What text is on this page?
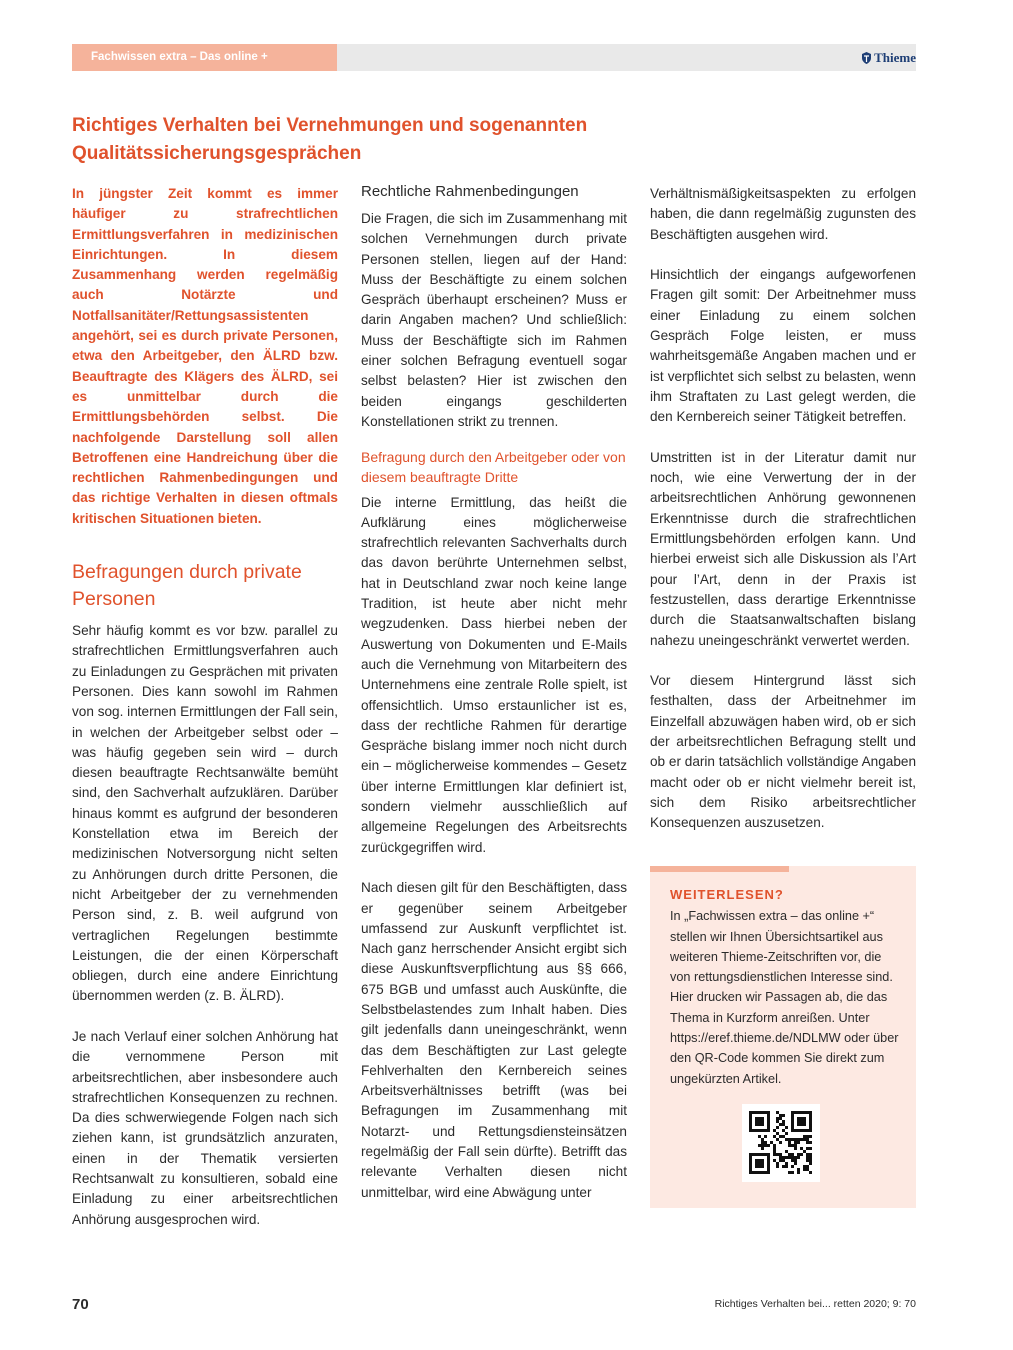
Fachwissen extra – Das online +	Thieme
Richtiges Verhalten bei Vernehmungen und sogenannten Qualitätssicherungsgesprächen

In jüngster Zeit kommt es immer häufiger zu strafrechtlichen Ermittlungsverfahren in medizinischen Einrichtungen. In diesem Zusammenhang werden regelmäßig auch Notärzte und Notfallsanitäter/Rettungsassistenten angehört, sei es durch private Personen, etwa den Arbeitgeber, den ÄLRD bzw. Beauftragte des Klägers des ÄLRD, sei es unmittelbar durch die Ermittlungsbehörden selbst. Die nachfolgende Darstellung soll allen Betroffenen eine Handreichung über die rechtlichen Rahmenbedingungen und das richtige Verhalten in diesen oftmals kritischen Situationen bieten.

Befragungen durch private Personen

Sehr häufig kommt es vor bzw. parallel zu strafrechtlichen Ermittlungsverfahren auch zu Einladungen zu Gesprächen mit privaten Personen. Dies kann sowohl im Rahmen von sog. internen Ermittlungen der Fall sein, in welchen der Arbeitgeber selbst oder – was häufig gegeben sein wird – durch diesen beauftragte Rechtsanwälte bemüht sind, den Sachverhalt aufzuklären. Darüber hinaus kommt es aufgrund der besonderen Konstellation etwa im Bereich der medizinischen Notversorgung nicht selten zu Anhörungen durch dritte Personen, die nicht Arbeitgeber der zu vernehmenden Person sind, z. B. weil aufgrund von vertraglichen Regelungen bestimmte Leistungen, die der einen Körperschaft obliegen, durch eine andere Einrichtung übernommen werden (z. B. ÄLRD).

Je nach Verlauf einer solchen Anhörung hat die vernommene Person mit arbeitsrechtlichen, aber insbesondere auch strafrechtlichen Konsequenzen zu rechnen. Da dies schwerwiegende Folgen nach sich ziehen kann, ist grundsätzlich anzuraten, einen in der Thematik versierten Rechtsanwalt zu konsultieren, sobald eine Einladung zu einer arbeitsrechtlichen Anhörung ausgesprochen wird.

Rechtliche Rahmenbedingungen

Die Fragen, die sich im Zusammenhang mit solchen Vernehmungen durch private Personen stellen, liegen auf der Hand: Muss der Beschäftigte zu einem solchen Gespräch überhaupt erscheinen? Muss er darin Angaben machen? Und schließlich: Muss der Beschäftigte sich im Rahmen einer solchen Befragung eventuell sogar selbst belasten? Hier ist zwischen den beiden eingangs geschilderten Konstellationen strikt zu trennen.

Befragung durch den Arbeitgeber oder von diesem beauftragte Dritte

Die interne Ermittlung, das heißt die Aufklärung eines möglicherweise strafrechtlich relevanten Sachverhalts durch das davon berührte Unternehmen selbst, hat in Deutschland zwar noch keine lange Tradition, ist heute aber nicht mehr wegzudenken. Dass hierbei neben der Auswertung von Dokumenten und E-Mails auch die Vernehmung von Mitarbeitern des Unternehmens eine zentrale Rolle spielt, ist offensichtlich. Umso erstaunlicher ist es, dass der rechtliche Rahmen für derartige Gespräche bislang immer noch nicht durch ein – möglicherweise kommendes – Gesetz über interne Ermittlungen klar definiert ist, sondern vielmehr ausschließlich auf allgemeine Regelungen des Arbeitsrechts zurückgegriffen wird.

Nach diesen gilt für den Beschäftigten, dass er gegenüber seinem Arbeitgeber umfassend zur Auskunft verpflichtet ist. Nach ganz herrschender Ansicht ergibt sich diese Auskunftsverpflichtung aus §§ 666, 675 BGB und umfasst auch Auskünfte, die Selbstbelastendes zum Inhalt haben. Dies gilt jedenfalls dann uneingeschränkt, wenn das dem Beschäftigten zur Last gelegte Fehlverhalten den Kernbereich seines Arbeitsverhältnisses betrifft (was bei Befragungen im Zusammenhang mit Notarzt- und Rettungsdiensteinsätzen regelmäßig der Fall sein dürfte). Betrifft das relevante Verhalten diesen nicht unmittelbar, wird eine Abwägung unter

Verhältnismäßigkeitsaspekten zu erfolgen haben, die dann regelmäßig zugunsten des Beschäftigten ausgehen wird.

Hinsichtlich der eingangs aufgeworfenen Fragen gilt somit: Der Arbeitnehmer muss einer Einladung zu einem solchen Gespräch Folge leisten, er muss wahrheitsgemäße Angaben machen und er ist verpflichtet sich selbst zu belasten, wenn ihm Straftaten zu Last gelegt werden, die den Kernbereich seiner Tätigkeit betreffen.

Umstritten ist in der Literatur damit nur noch, wie eine Verwertung der in der arbeitsrechtlichen Anhörung gewonnenen Erkenntnisse durch die strafrechtlichen Ermittlungsbehörden erfolgen kann. Und hierbei erweist sich alle Diskussion als l’Art pour l’Art, denn in der Praxis ist festzustellen, dass derartige Erkenntnisse durch die Staatsanwaltschaften bislang nahezu uneingeschränkt verwertet werden.

Vor diesem Hintergrund lässt sich festhalten, dass der Arbeitnehmer im Einzelfall abzuwägen haben wird, ob er sich der arbeitsrechtlichen Befragung stellt und ob er darin tatsächlich vollständige Angaben macht oder ob er nicht vielmehr bereit ist, sich dem Risiko arbeitsrechtlicher Konsequenzen auszusetzen.

WEITERLESEN?

In „Fachwissen extra – das online +“ stellen wir Ihnen Übersichtsartikel aus weiteren Thieme-Zeitschriften vor, die von rettungsdienstlichen Interesse sind. Hier drucken wir Passagen ab, die das Thema in Kurzform anreißen. Unter https://eref.thieme.de/NDLMW oder über den QR-Code kommen Sie direkt zum ungekürzten Artikel.

70	Richtiges Verhalten bei... retten 2020; 9: 70
